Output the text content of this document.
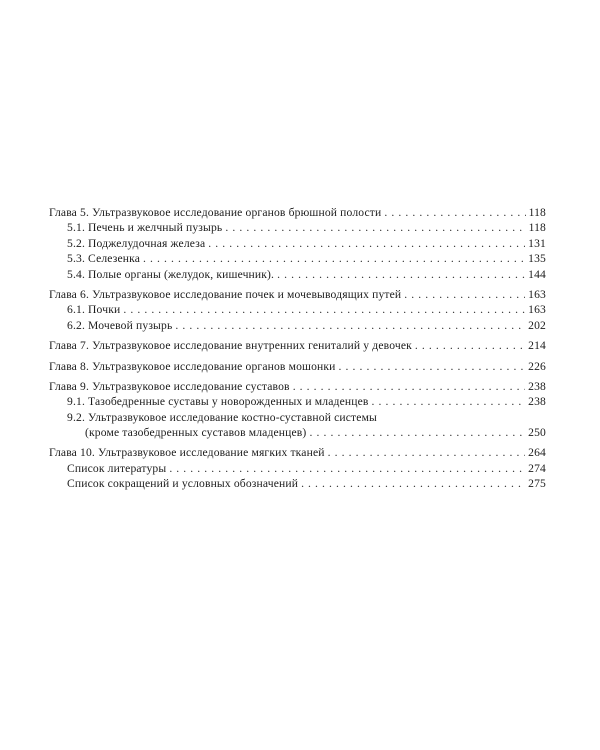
Глава 5. Ультразвуковое исследование органов брюшной полости . . .	118
5.1. Печень и желчный пузырь . . .	118
5.2. Поджелудочная железа . . .	131
5.3. Селезенка . . .	135
5.4. Полые органы (желудок, кишечник). . . .	144
Глава 6. Ультразвуковое исследование почек и мочевыводящих путей . . .	163
6.1. Почки . . .	163
6.2. Мочевой пузырь . . .	202
Глава 7. Ультразвуковое исследование внутренних гениталий у девочек . . .	214
Глава 8. Ультразвуковое исследование органов мошонки . . .	226
Глава 9. Ультразвуковое исследование суставов . . .	238
9.1. Тазобедренные суставы у новорожденных и младенцев . . .	238
9.2. Ультразвуковое исследование костно-суставной системы
(кроме тазобедренных суставов младенцев) . . .	250
Глава 10. Ультразвуковое исследование мягких тканей . . .	264
Список литературы . . .	274
Список сокращений и условных обозначений . . .	275
